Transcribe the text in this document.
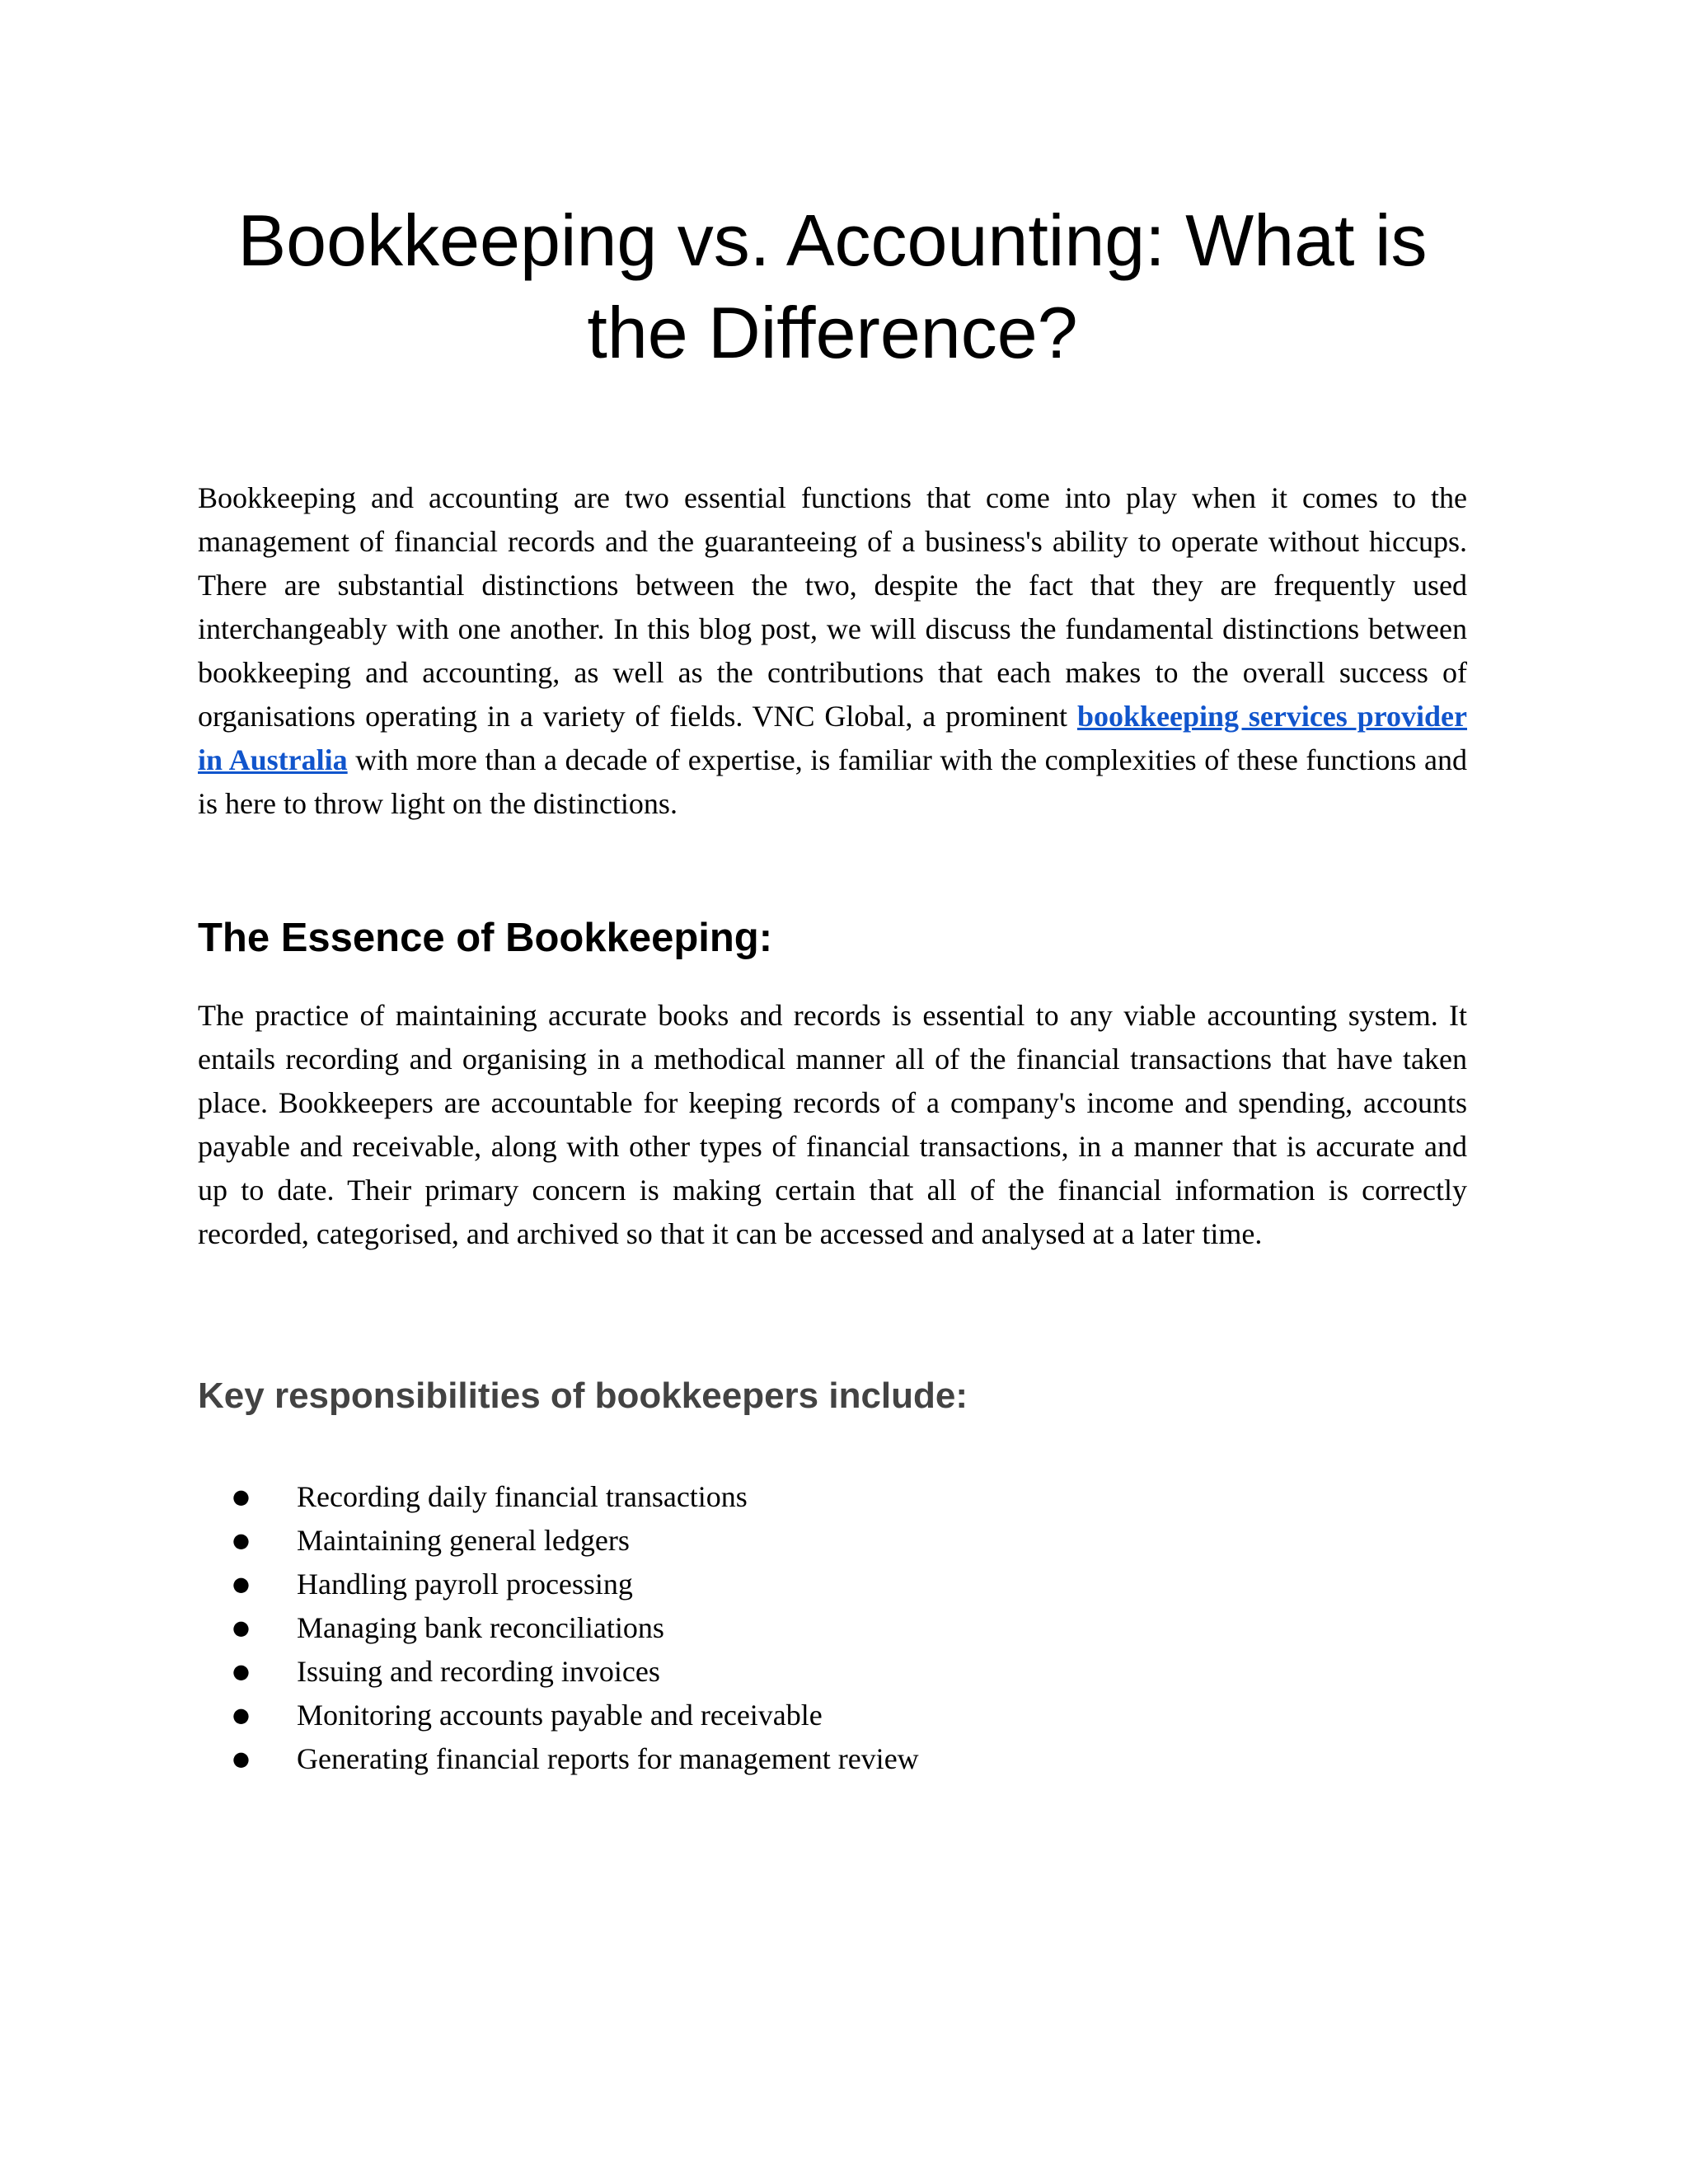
Bookkeeping vs. Accounting: What is the Difference?

Bookkeeping and accounting are two essential functions that come into play when it comes to the management of financial records and the guaranteeing of a business's ability to operate without hiccups. There are substantial distinctions between the two, despite the fact that they are frequently used interchangeably with one another. In this blog post, we will discuss the fundamental distinctions between bookkeeping and accounting, as well as the contributions that each makes to the overall success of organisations operating in a variety of fields. VNC Global, a prominent bookkeeping services provider in Australia with more than a decade of expertise, is familiar with the complexities of these functions and is here to throw light on the distinctions.

The Essence of Bookkeeping:

The practice of maintaining accurate books and records is essential to any viable accounting system. It entails recording and organising in a methodical manner all of the financial transactions that have taken place. Bookkeepers are accountable for keeping records of a company's income and spending, accounts payable and receivable, along with other types of financial transactions, in a manner that is accurate and up to date. Their primary concern is making certain that all of the financial information is correctly recorded, categorised, and archived so that it can be accessed and analysed at a later time.

Key responsibilities of bookkeepers include:
● Recording daily financial transactions
● Maintaining general ledgers
● Handling payroll processing
● Managing bank reconciliations
● Issuing and recording invoices
● Monitoring accounts payable and receivable
● Generating financial reports for management review
